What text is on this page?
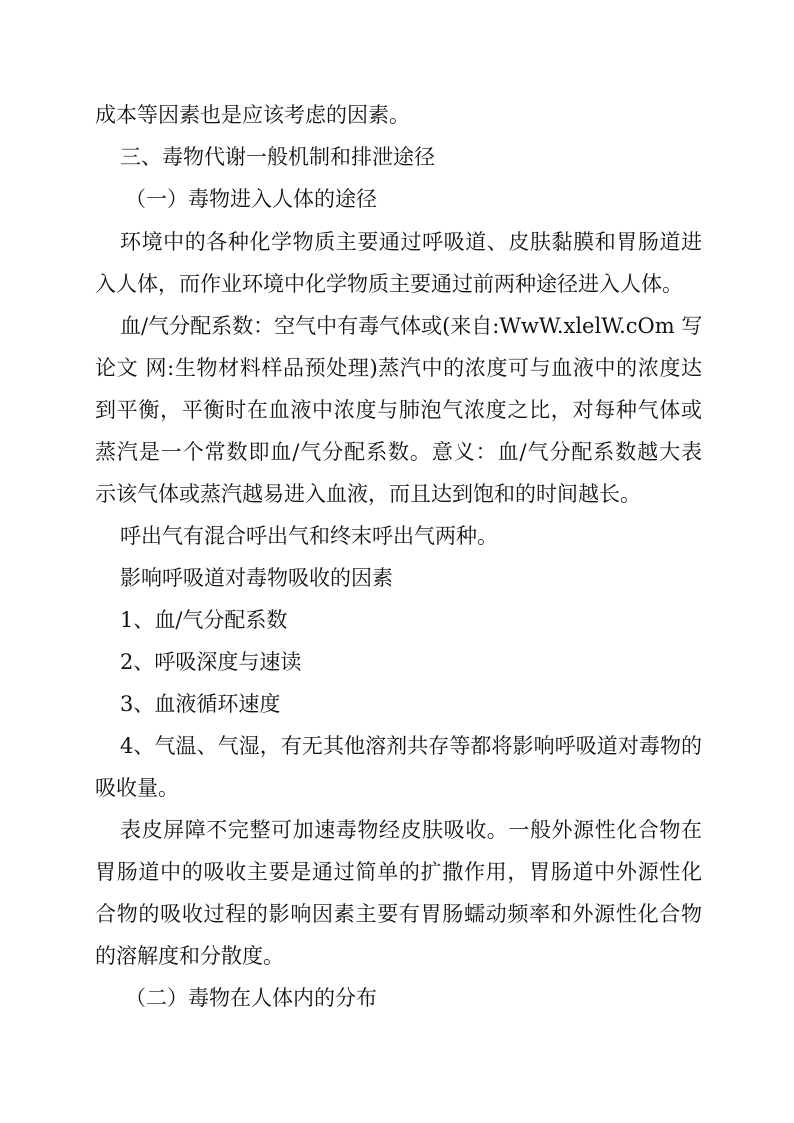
成本等因素也是应该考虑的因素。
三、毒物代谢一般机制和排泄途径
（一）毒物进入人体的途径
环境中的各种化学物质主要通过呼吸道、皮肤黏膜和胃肠道进
入人体，而作业环境中化学物质主要通过前两种途径进入人体。
血/气分配系数：空气中有毒气体或(来自:WwW.xlelW.cOm 写
论文 网:生物材料样品预处理)蒸汽中的浓度可与血液中的浓度达
到平衡，平衡时在血液中浓度与肺泡气浓度之比，对每种气体或
蒸汽是一个常数即血/气分配系数。意义：血/气分配系数越大表
示该气体或蒸汽越易进入血液，而且达到饱和的时间越长。
呼出气有混合呼出气和终末呼出气两种。
影响呼吸道对毒物吸收的因素
1、血/气分配系数
2、呼吸深度与速读
3、血液循环速度
4、气温、气湿，有无其他溶剂共存等都将影响呼吸道对毒物的
吸收量。
表皮屏障不完整可加速毒物经皮肤吸收。一般外源性化合物在
胃肠道中的吸收主要是通过简单的扩撒作用，胃肠道中外源性化
合物的吸收过程的影响因素主要有胃肠蠕动频率和外源性化合物
的溶解度和分散度。
（二）毒物在人体内的分布
